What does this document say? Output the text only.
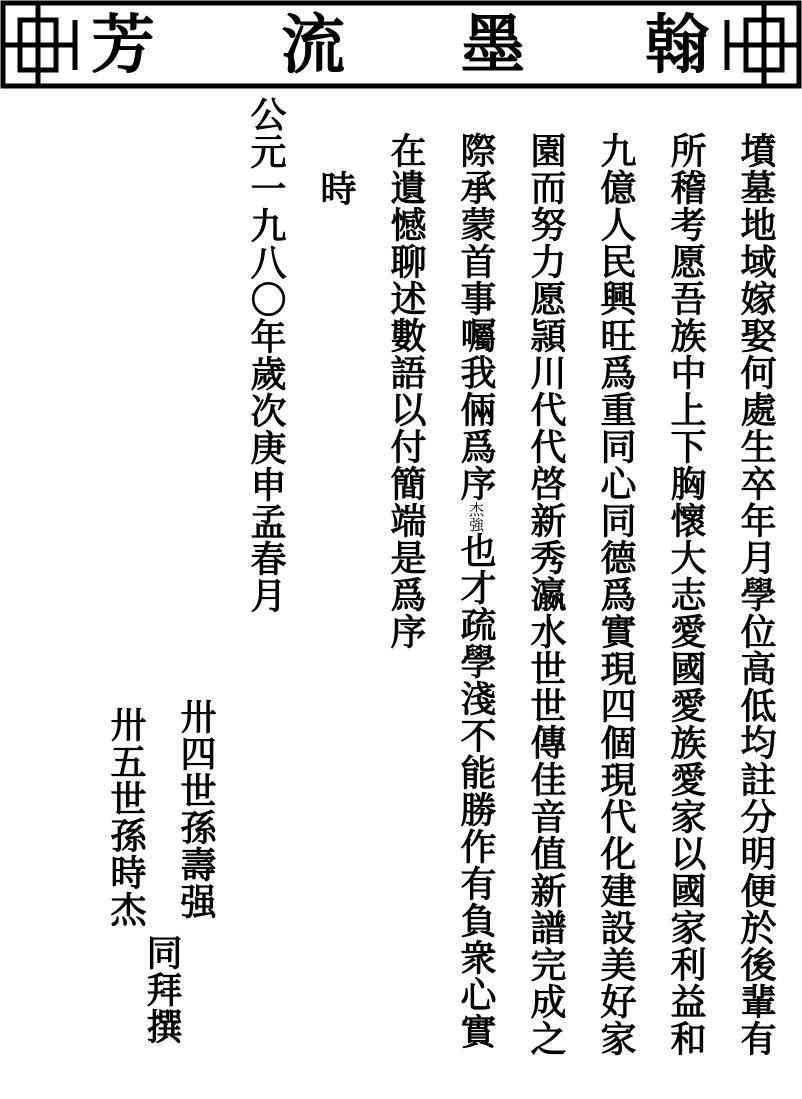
芳 流 墨 翰
墳墓地域嫁娶何處生卒年月學位高低均註分明便於後輩有
所稽考愿吾族中上下胸懷大志愛國愛族愛家以國家利益和
九億人民興旺爲重同心同德爲實現四個現代化建設美好家
園而努力愿頴川代代啓新秀瀛水世世傳佳音值新譜完成之
際承蒙首事囑我倆爲序杰強也才疏學淺不能勝作有負衆心實
在遺憾聊述數語以付簡端是爲序
時
公元一九八〇年歲次庚申孟春月
卅四世孫壽强
卅五世孫時杰
同拜撰
